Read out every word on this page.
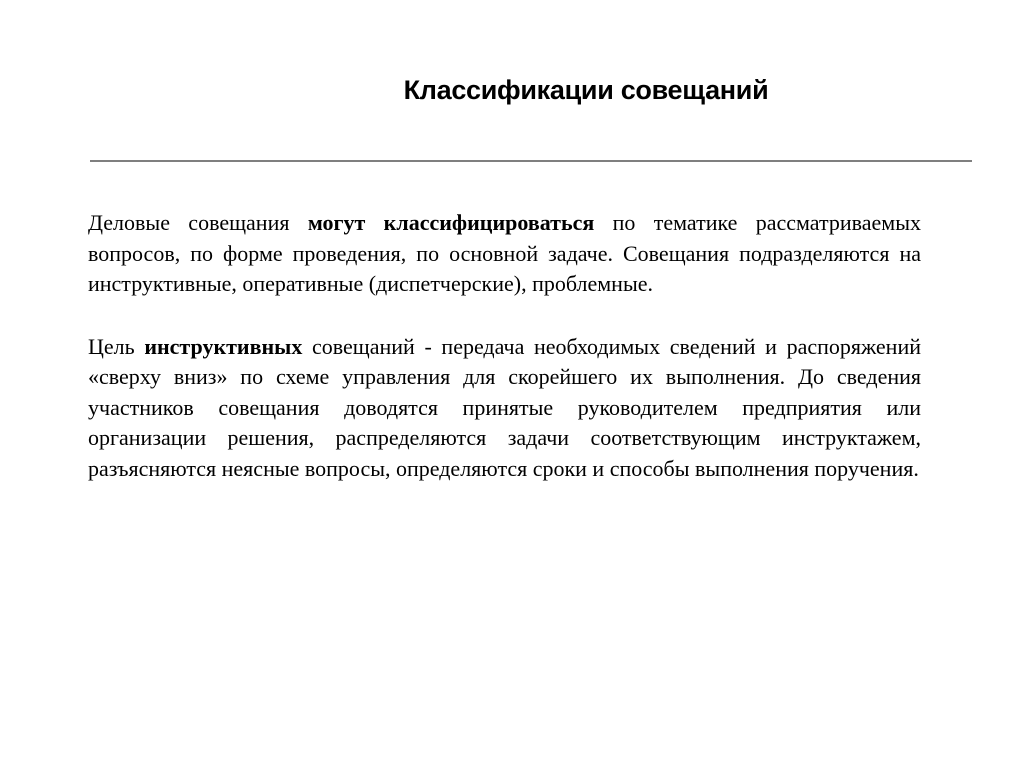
Классификации совещаний

Деловые совещания могут классифицироваться по тематике рассматриваемых вопросов, по форме проведения, по основной задаче. Совещания подразделяются на инструктивные, оперативные (диспетчерские), проблемные.

Цель инструктивных совещаний - передача необходимых сведений и распоряжений «сверху вниз» по схеме управления для скорейшего их выполнения. До сведения участников совещания доводятся принятые руководителем предприятия или организации решения, распределяются задачи соответствующим инструктажем, разъясняются неясные вопросы, определяются сроки и способы выполнения поручения.
